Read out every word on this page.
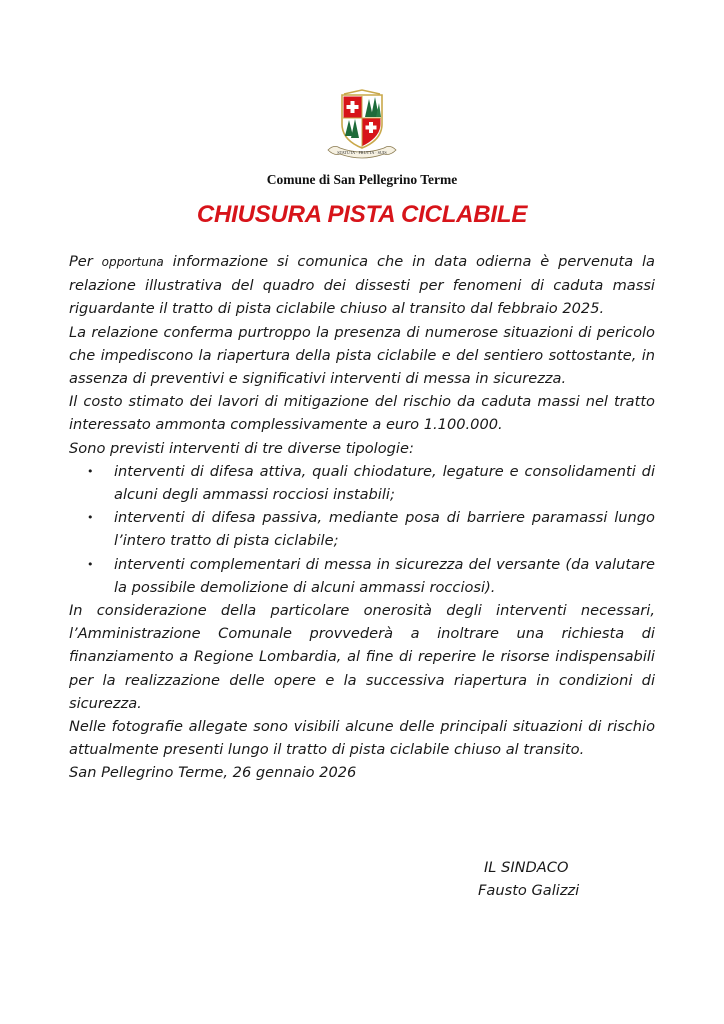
STATUTA · FRUTTA · SUIS
Comune di San Pellegrino Terme
CHIUSURA PISTA CICLABILE

Per opportuna informazione si comunica che in data odierna è pervenuta la relazione illustrativa del quadro dei dissesti per fenomeni di caduta massi riguardante il tratto di pista ciclabile chiuso al transito dal febbraio 2025.

La relazione conferma purtroppo la presenza di numerose situazioni di pericolo che impediscono la riapertura della pista ciclabile e del sentiero sottostante, in assenza di preventivi e significativi interventi di messa in sicurezza.

Il costo stimato dei lavori di mitigazione del rischio da caduta massi nel tratto interessato ammonta complessivamente a euro 1.100.000.

Sono previsti interventi di tre diverse tipologie:

• interventi di difesa attiva, quali chiodature, legature e consolidamenti di alcuni degli ammassi rocciosi instabili;
• interventi di difesa passiva, mediante posa di barriere paramassi lungo l’intero tratto di pista ciclabile;
• interventi complementari di messa in sicurezza del versante (da valutare la possibile demolizione di alcuni ammassi rocciosi).

In considerazione della particolare onerosità degli interventi necessari, l’Amministrazione Comunale provvederà a inoltrare una richiesta di finanziamento a Regione Lombardia, al fine di reperire le risorse indispensabili per la realizzazione delle opere e la successiva riapertura in condizioni di sicurezza.

Nelle fotografie allegate sono visibili alcune delle principali situazioni di rischio attualmente presenti lungo il tratto di pista ciclabile chiuso al transito.

San Pellegrino Terme, 26 gennaio 2026

IL SINDACO
Fausto Galizzi
